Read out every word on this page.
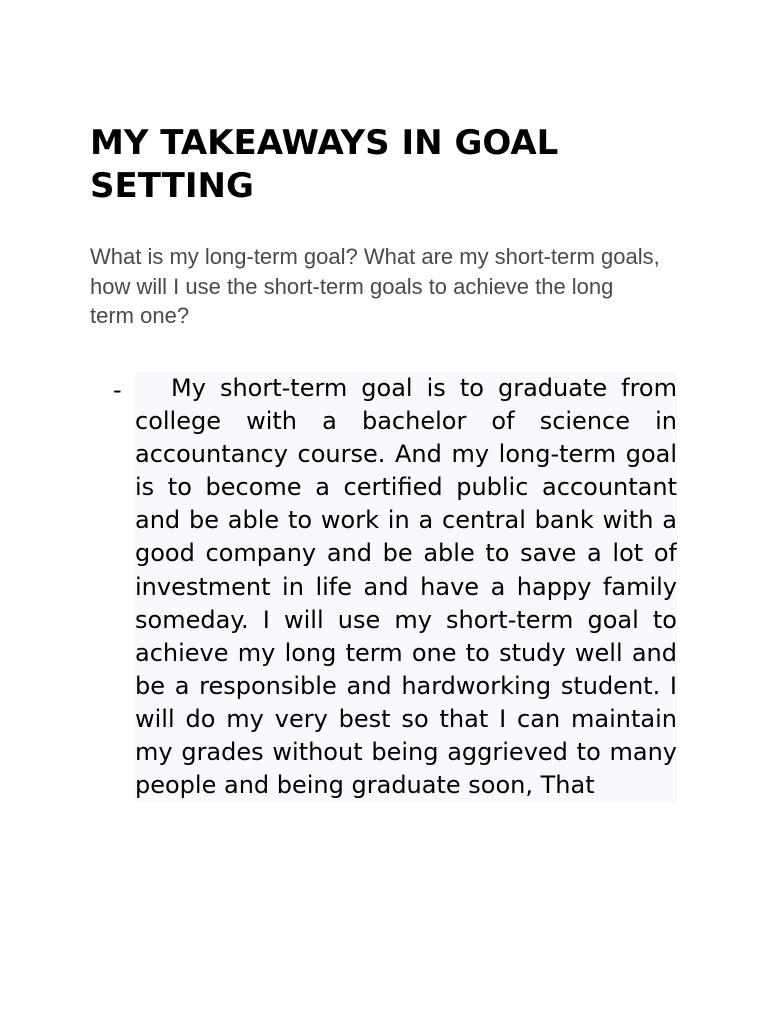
MY TAKEAWAYS IN GOAL SETTING

What is my long-term goal? What are my short-term goals, how will I use the short-term goals to achieve the long term one?

-	My short-term goal is to graduate from college with a bachelor of science in accountancy course. And my long-term goal is to become a certified public accountant and be able to work in a central bank with a good company and be able to save a lot of investment in life and have a happy family someday. I will use my short-term goal to achieve my long term one to study well and be a responsible and hardworking student. I will do my very best so that I can maintain my grades without being aggrieved to many people and being graduate soon, That
